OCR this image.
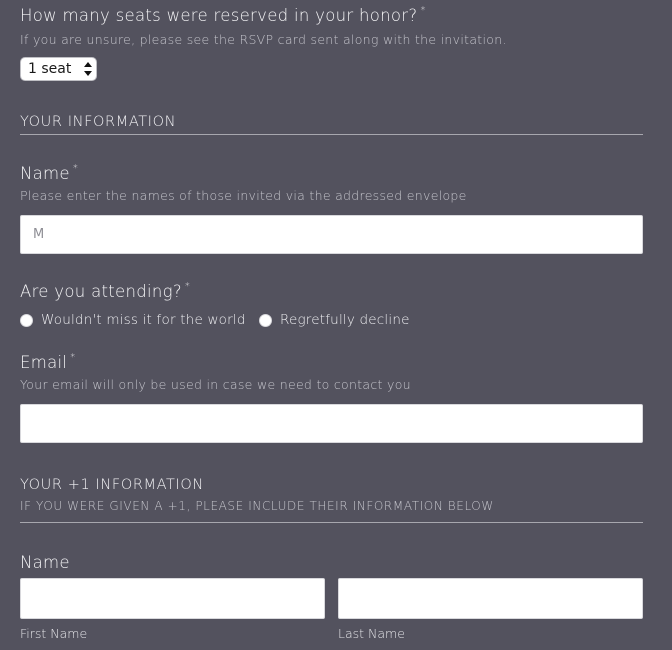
How many seats were reserved in your honor? *
If you are unsure, please see the RSVP card sent along with the invitation.
1 seat
YOUR INFORMATION
Name *
Please enter the names of those invited via the addressed envelope
M
Are you attending? *
Wouldn't miss it for the world	Regretfully decline
Email *
Your email will only be used in case we need to contact you
YOUR +1 INFORMATION
IF YOU WERE GIVEN A +1, PLEASE INCLUDE THEIR INFORMATION BELOW
Name
First Name	Last Name
